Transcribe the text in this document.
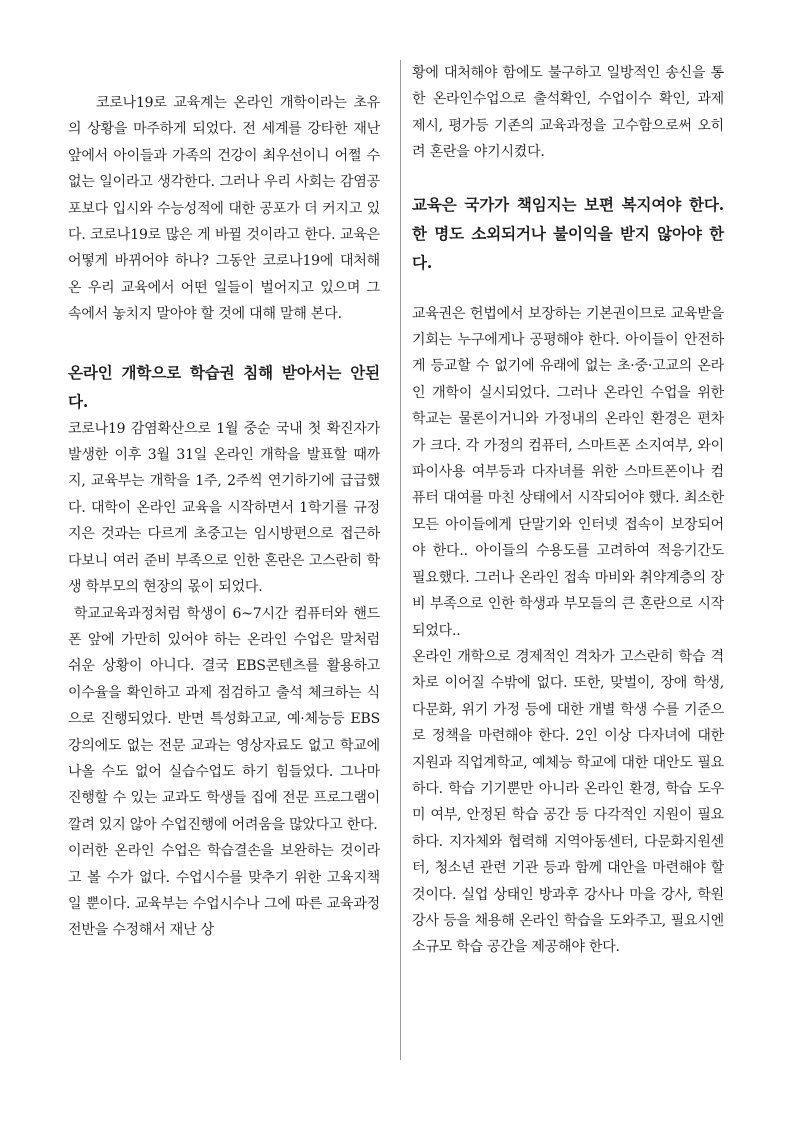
코로나19로 교육계는 온라인 개학이라는 초유의 상황을 마주하게 되었다. 전 세계를 강타한 재난 앞에서 아이들과 가족의 건강이 최우선이니 어쩔 수 없는 일이라고 생각한다. 그러나 우리 사회는 감염공포보다 입시와 수능성적에 대한 공포가 더 커지고 있다. 코로나19로 많은 게 바뀔 것이라고 한다. 교육은 어떻게 바뀌어야 하나? 그동안 코로나19에 대처해 온 우리 교육에서 어떤 일들이 벌어지고 있으며 그 속에서 놓치지 말아야 할 것에 대해 말해 본다.

온라인 개학으로 학습권 침해 받아서는 안된다.

코로나19 감염확산으로 1월 중순 국내 첫 확진자가 발생한 이후 3월 31일 온라인 개학을 발표할 때까지, 교육부는 개학을 1주, 2주씩 연기하기에 급급했다. 대학이 온라인 교육을 시작하면서 1학기를 규정지은 것과는 다르게 초중고는 임시방편으로 접근하다보니 여러 준비 부족으로 인한 혼란은 고스란히 학생 학부모의 현장의 몫이 되었다.

학교교육과정처럼 학생이 6~7시간 컴퓨터와 핸드폰 앞에 가만히 있어야 하는 온라인 수업은 말처럼 쉬운 상황이 아니다. 결국 EBS콘텐츠를 활용하고 이수율을 확인하고 과제 점검하고 출석 체크하는 식으로 진행되었다. 반면 특성화고교, 예·체능등 EBS강의에도 없는 전문 교과는 영상자료도 없고 학교에 나올 수도 없어 실습수업도 하기 힘들었다. 그나마 진행할 수 있는 교과도 학생들 집에 전문 프로그램이 깔려 있지 않아 수업진행에 어려움을 많았다고 한다.

이러한 온라인 수업은 학습결손을 보완하는 것이라고 볼 수가 없다. 수업시수를 맞추기 위한 고육지책일 뿐이다. 교육부는 수업시수나 그에 따른 교육과정 전반을 수정해서 재난 상

황에 대처해야 함에도 불구하고 일방적인 송신을 통한 온라인수업으로 출석확인, 수업이수 확인, 과제 제시, 평가등 기존의 교육과정을 고수함으로써 오히려 혼란을 야기시켰다.

교육은 국가가 책임지는 보편 복지여야 한다. 한 명도 소외되거나 불이익을 받지 않아야 한다.

교육권은 헌법에서 보장하는 기본권이므로 교육받을 기회는 누구에게나 공평해야 한다. 아이들이 안전하게 등교할 수 없기에 유래에 없는 초·중·고교의 온라인 개학이 실시되었다. 그러나 온라인 수업을 위한 학교는 물론이거니와 가정내의 온라인 환경은 편차가 크다. 각 가정의 컴퓨터, 스마트폰 소지여부, 와이파이사용 여부등과 다자녀를 위한 스마트폰이나 컴퓨터 대여를 마친 상태에서 시작되어야 했다. 최소한 모든 아이들에게 단말기와 인터넷 접속이 보장되어야 한다.. 아이들의 수용도를 고려하여 적응기간도 필요했다. 그러나 온라인 접속 마비와 취약계층의 장비 부족으로 인한 학생과 부모들의 큰 혼란으로 시작되었다..

온라인 개학으로 경제적인 격차가 고스란히 학습 격차로 이어질 수밖에 없다. 또한, 맞벌이, 장애 학생, 다문화, 위기 가정 등에 대한 개별 학생 수를 기준으로 정책을 마련해야 한다. 2인 이상 다자녀에 대한 지원과 직업계학교, 예체능 학교에 대한 대안도 필요하다. 학습 기기뿐만 아니라 온라인 환경, 학습 도우미 여부, 안정된 학습 공간 등 다각적인 지원이 필요하다. 지자체와 협력해 지역아동센터, 다문화지원센터, 청소년 관련 기관 등과 함께 대안을 마련해야 할 것이다. 실업 상태인 방과후 강사나 마을 강사, 학원 강사 등을 채용해 온라인 학습을 도와주고, 필요시엔 소규모 학습 공간을 제공해야 한다.
